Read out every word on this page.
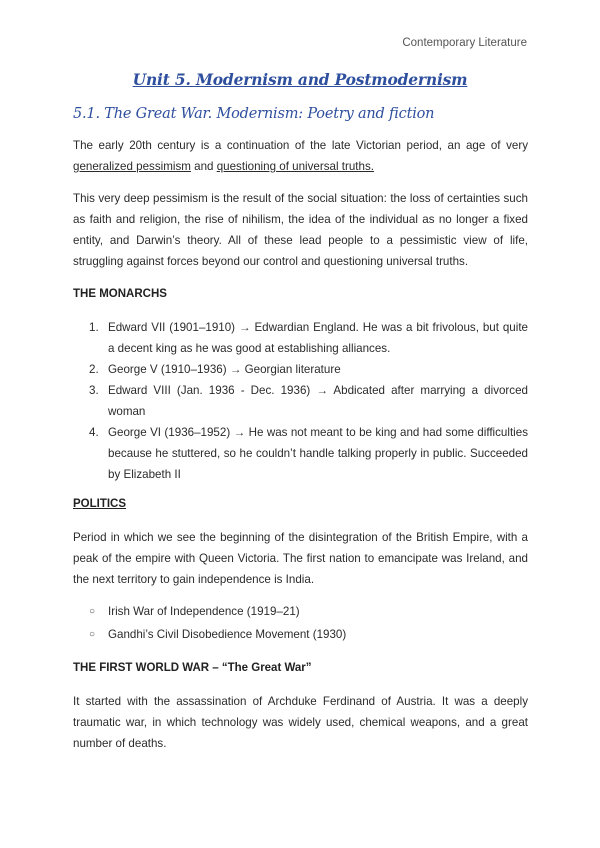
Contemporary Literature
Unit 5. Modernism and Postmodernism
5.1. The Great War. Modernism: Poetry and fiction

The early 20th century is a continuation of the late Victorian period, an age of very generalized pessimism and questioning of universal truths.

This very deep pessimism is the result of the social situation: the loss of certainties such as faith and religion, the rise of nihilism, the idea of the individual as no longer a fixed entity, and Darwin’s theory. All of these lead people to a pessimistic view of life, struggling against forces beyond our control and questioning universal truths.

THE MONARCHS
1. Edward VII (1901–1910) → Edwardian England. He was a bit frivolous, but quite a decent king as he was good at establishing alliances.
2. George V (1910–1936) → Georgian literature
3. Edward VIII (Jan. 1936 - Dec. 1936) → Abdicated after marrying a divorced woman
4. George VI (1936–1952) → He was not meant to be king and had some difficulties because he stuttered, so he couldn’t handle talking properly in public. Succeeded by Elizabeth II
POLITICS

Period in which we see the beginning of the disintegration of the British Empire, with a peak of the empire with Queen Victoria. The first nation to emancipate was Ireland, and the next territory to gain independence is India.

○ Irish War of Independence (1919–21)
○ Gandhi’s Civil Disobedience Movement (1930)
THE FIRST WORLD WAR – “The Great War”

It started with the assassination of Archduke Ferdinand of Austria. It was a deeply traumatic war, in which technology was widely used, chemical weapons, and a great number of deaths.
